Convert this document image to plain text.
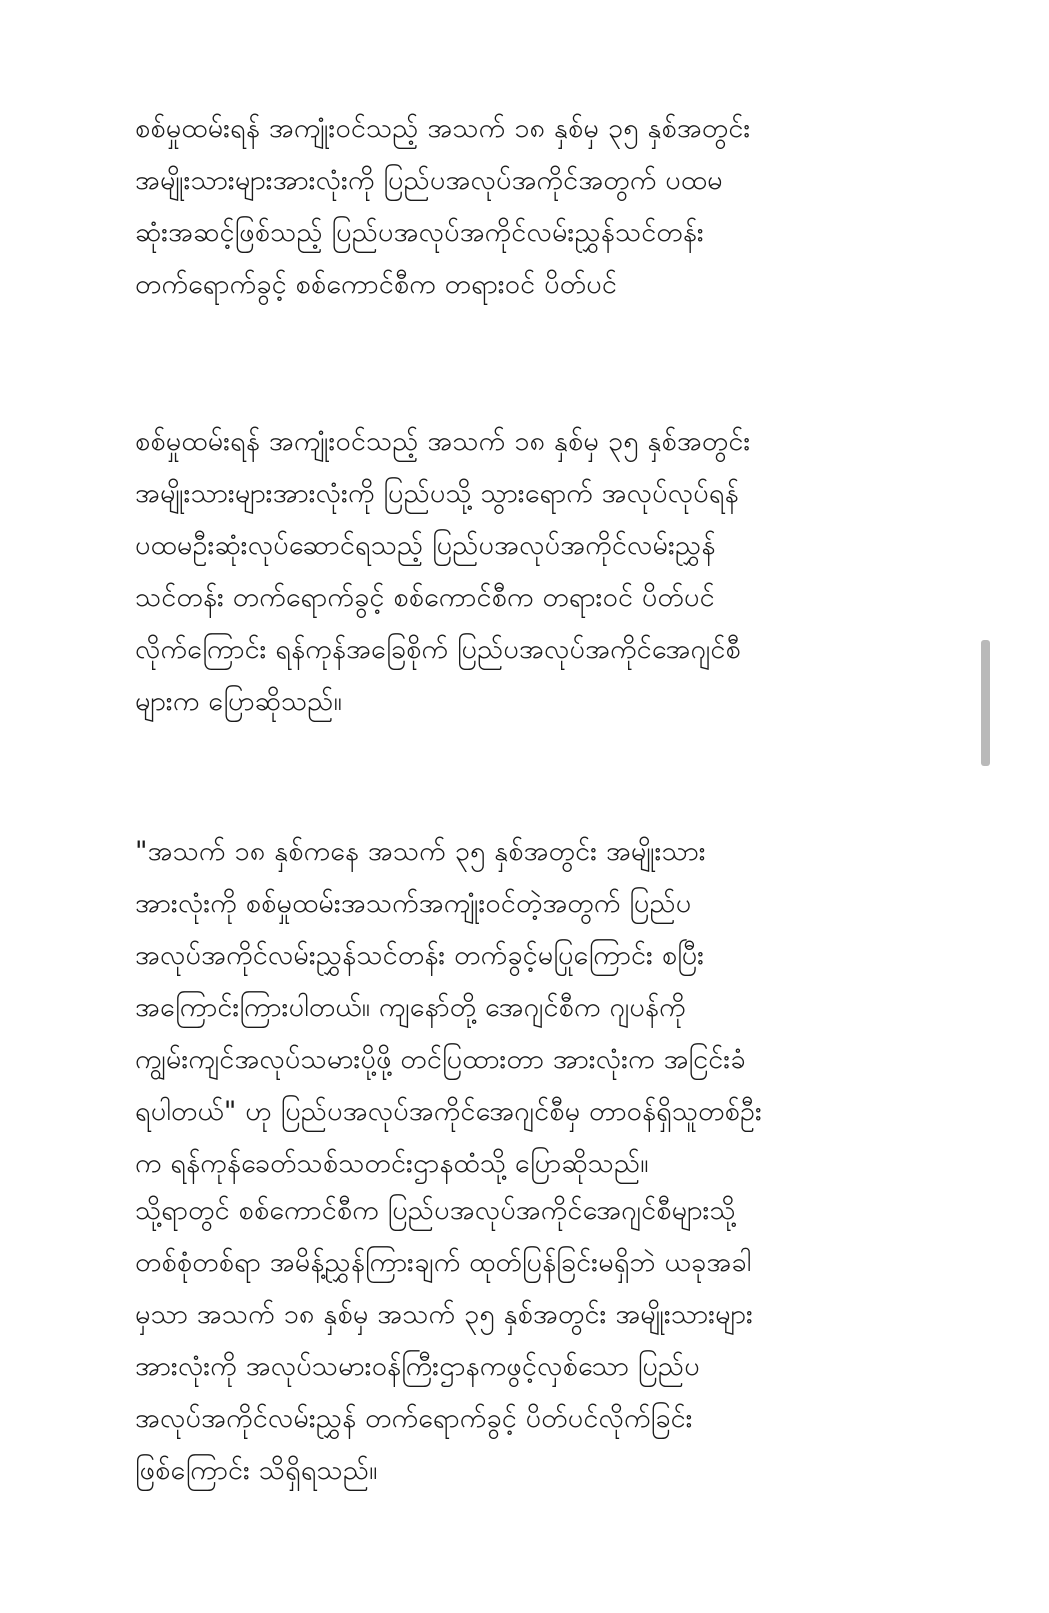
စစ်မှုထမ်းရန် အကျုံးဝင်သည့် အသက် ၁၈ နှစ်မှ ၃၅ နှစ်အတွင်း
အမျိုးသားများအားလုံးကို ပြည်ပအလုပ်အကိုင်အတွက် ပထမ
ဆုံးအဆင့်ဖြစ်သည့် ပြည်ပအလုပ်အကိုင်လမ်းညွှန်သင်တန်း
တက်ရောက်ခွင့် စစ်ကောင်စီက တရားဝင် ပိတ်ပင်

စစ်မှုထမ်းရန် အကျုံးဝင်သည့် အသက် ၁၈ နှစ်မှ ၃၅ နှစ်အတွင်း
အမျိုးသားများအားလုံးကို ပြည်ပသို့ သွားရောက် အလုပ်လုပ်ရန်
ပထမဦးဆုံးလုပ်ဆောင်ရသည့် ပြည်ပအလုပ်အကိုင်လမ်းညွှန်
သင်တန်း တက်ရောက်ခွင့် စစ်ကောင်စီက တရားဝင် ပိတ်ပင်
လိုက်ကြောင်း ရန်ကုန်အခြေစိုက် ပြည်ပအလုပ်အကိုင်အေဂျင်စီ
များက ပြောဆိုသည်။

"အသက် ၁၈ နှစ်ကနေ အသက် ၃၅ နှစ်အတွင်း အမျိုးသား
အားလုံးကို စစ်မှုထမ်းအသက်အကျုံးဝင်တဲ့အတွက် ပြည်ပ
အလုပ်အကိုင်လမ်းညွှန်သင်တန်း တက်ခွင့်မပြုကြောင်း စပြီး
အကြောင်းကြားပါတယ်။ ကျနော်တို့ အေဂျင်စီက ဂျပန်ကို
ကျွမ်းကျင်အလုပ်သမားပို့ဖို့ တင်ပြထားတာ အားလုံးက အငြင်းခံ
ရပါတယ်" ဟု ပြည်ပအလုပ်အကိုင်အေဂျင်စီမှ တာဝန်ရှိသူတစ်ဦး
က ရန်ကုန်ခေတ်သစ်သတင်းဌာနထံသို့ ပြောဆိုသည်။

သို့ရာတွင် စစ်ကောင်စီက ပြည်ပအလုပ်အကိုင်အေဂျင်စီများသို့
တစ်စုံတစ်ရာ အမိန့်ညွှန်ကြားချက် ထုတ်ပြန်ခြင်းမရှိဘဲ ယခုအခါ
မှသာ အသက် ၁၈ နှစ်မှ အသက် ၃၅ နှစ်အတွင်း အမျိုးသားများ
အားလုံးကို အလုပ်သမားဝန်ကြီးဌာနကဖွင့်လှစ်သော ပြည်ပ
အလုပ်အကိုင်လမ်းညွှန် တက်ရောက်ခွင့် ပိတ်ပင်လိုက်ခြင်း
ဖြစ်ကြောင်း သိရှိရသည်။
